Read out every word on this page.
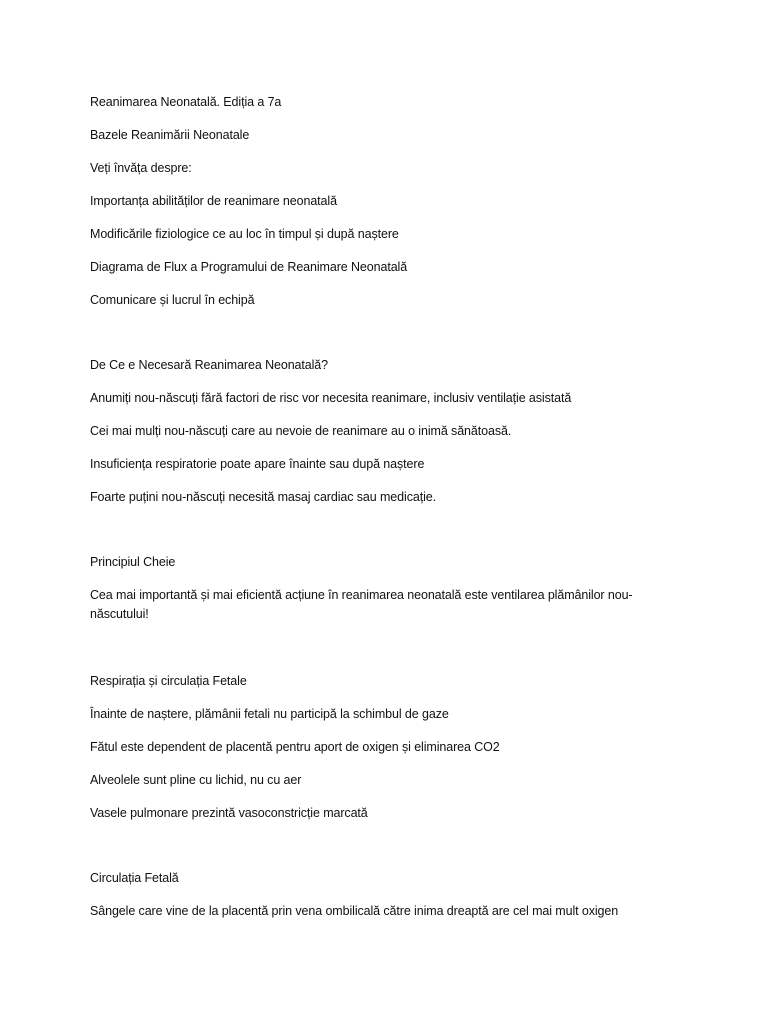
Reanimarea Neonatală. Ediția a 7a
Bazele Reanimării Neonatale
Veți învăța despre:
Importanța abilităților de reanimare neonatală
Modificările fiziologice ce au loc în timpul și după naștere
Diagrama de Flux a Programului de Reanimare Neonatală
Comunicare și lucrul în echipă
De Ce e Necesară Reanimarea Neonatală?
Anumiți nou-născuți fără factori de risc vor necesita reanimare, inclusiv ventilație asistată
Cei mai mulți nou-născuți care au nevoie de reanimare au o inimă sănătoasă.
Insuficiența respiratorie poate apare înainte sau după naștere
Foarte puțini nou-născuți necesită masaj cardiac sau medicație.
Principiul Cheie
Cea mai importantă și mai eficientă acțiune în reanimarea neonatală este ventilarea plămânilor nou-născutului!
Respirația și circulația Fetale
Înainte de naștere, plămânii fetali nu participă la schimbul de gaze
Fătul este dependent de placentă pentru aport de oxigen și eliminarea CO2
Alveolele sunt pline cu lichid, nu cu aer
Vasele pulmonare prezintă vasoconstricție marcată
Circulația Fetală
Sângele care vine de la placentă prin vena ombilicală către inima dreaptă are cel mai mult oxigen
